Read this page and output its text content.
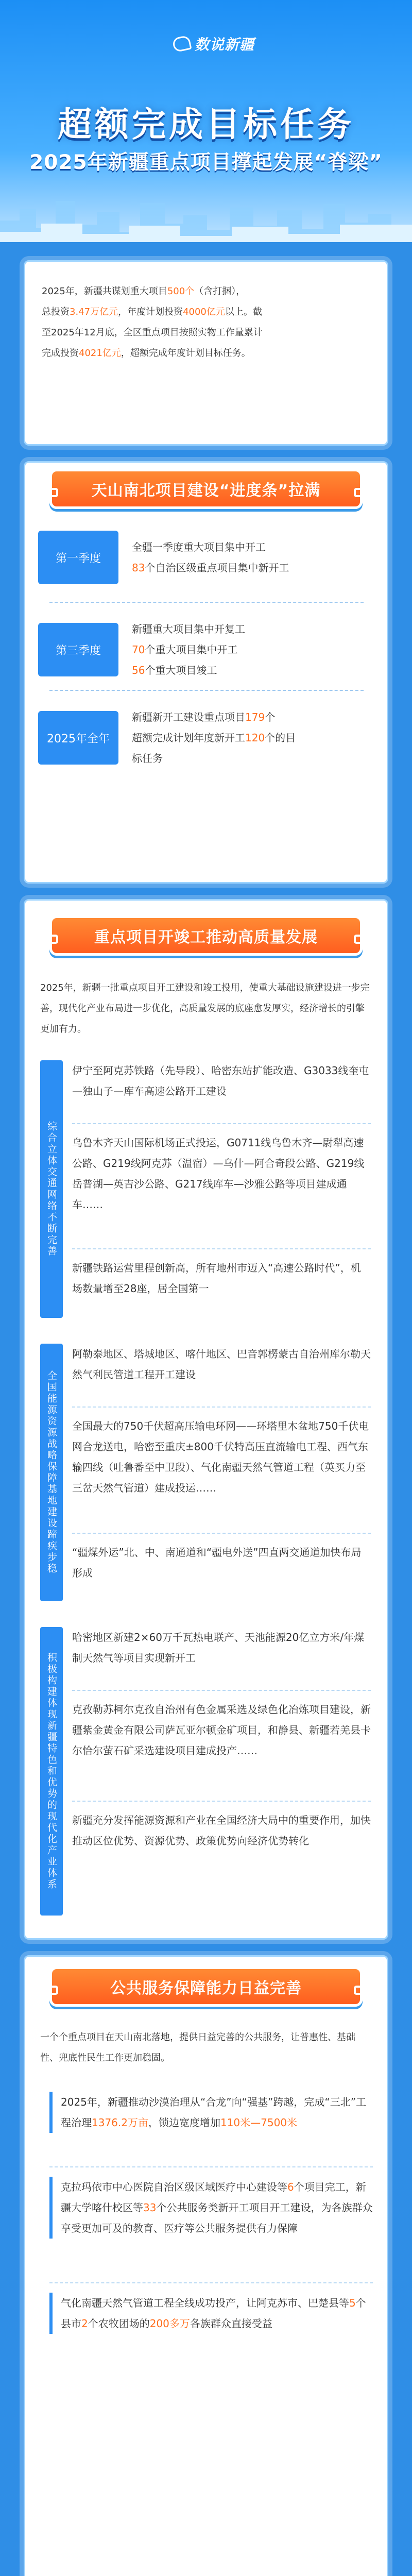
数说新疆
超额完成目标任务
2025年新疆重点项目撑起发展“脊梁”
2025年，新疆共谋划重大项目500个（含打捆），
总投资3.47万亿元，年度计划投资4000亿元以上。截
至2025年12月底，全区重点项目按照实物工作量累计
完成投资4021亿元，超额完成年度计划目标任务。
天山南北项目建设“进度条”拉满
第一季度
全疆一季度重大项目集中开工
83个自治区级重点项目集中新开工
第三季度
新疆重大项目集中开复工
70个重大项目集中开工
56个重大项目竣工
2025年全年
新疆新开工建设重点项目179个
超额完成计划年度新开工120个的目
标任务
重点项目开竣工推动高质量发展
2025年，新疆一批重点项目开工建设和竣工投用，使重大基础设施建设进一步完善，现代化产业布局进一步优化，高质量发展的底座愈发厚实，经济增长的引擎更加有力。
综合立体交通网络不断完善
伊宁至阿克苏铁路（先导段）、哈密东站扩能改造、G3033线奎屯—独山子—库车高速公路开工建设
乌鲁木齐天山国际机场正式投运，G0711线乌鲁木齐—尉犁高速公路、G219线阿克苏（温宿）—乌什—阿合奇段公路、G219线岳普湖—英吉沙公路、G217线库车—沙雅公路等项目建成通车……
新疆铁路运营里程创新高，所有地州市迈入“高速公路时代”，机场数量增至28座，居全国第一
全国能源资源战略保障基地建设蹄疾步稳
阿勒泰地区、塔城地区、喀什地区、巴音郭楞蒙古自治州库尔勒天然气利民管道工程开工建设
全国最大的750千伏超高压输电环网——环塔里木盆地750千伏电网合龙送电，哈密至重庆±800千伏特高压直流输电工程、西气东输四线（吐鲁番至中卫段）、气化南疆天然气管道工程（英买力至三岔天然气管道）建成投运……
“疆煤外运”北、中、南通道和“疆电外送”四直两交通道加快布局形成
积极构建体现新疆特色和优势的现代化产业体系
哈密地区新建2×60万千瓦热电联产、天池能源20亿立方米/年煤制天然气等项目实现新开工
克孜勒苏柯尔克孜自治州有色金属采选及绿色化冶炼项目建设，新疆紫金黄金有限公司萨瓦亚尔顿金矿项目，和静县、新疆若羌县卡尔恰尔萤石矿采选建设项目建成投产……
新疆充分发挥能源资源和产业在全国经济大局中的重要作用，加快推动区位优势、资源优势、政策优势向经济优势转化
公共服务保障能力日益完善
一个个重点项目在天山南北落地，提供日益完善的公共服务，让普惠性、基础性、兜底性民生工作更加稳固。
2025年，新疆推动沙漠治理从“合龙”向“强基”跨越，完成“三北”工程治理1376.2万亩，锁边宽度增加110米—7500米
克拉玛依市中心医院自治区级区域医疗中心建设等6个项目完工，新疆大学喀什校区等33个公共服务类新开工项目开工建设，为各族群众享受更加可及的教育、医疗等公共服务提供有力保障
气化南疆天然气管道工程全线成功投产，让阿克苏市、巴楚县等5个县市2个农牧团场的200多万各族群众直接受益
